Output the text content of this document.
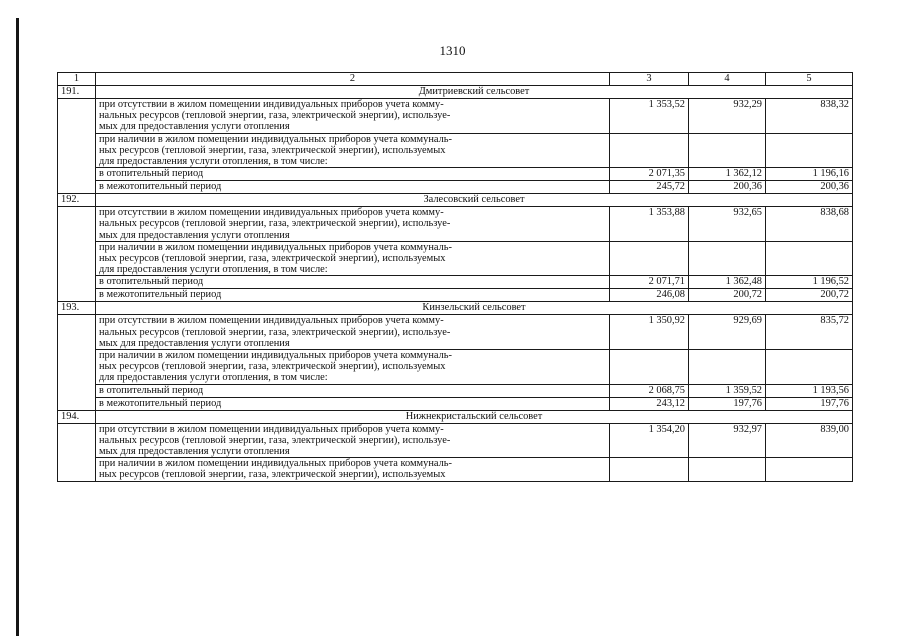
1310
1	2	3	4	5
191.	Дмитриевский сельсовет			

	при отсутствии в жилом помещении индивидуальных приборов учета комму-
нальных ресурсов (тепловой энергии, газа, электрической энергии), используе-
мых для предоставления услуги отопления	1 353,52	932,29	838,32

	при наличии в жилом помещении индивидуальных приборов учета коммуналь-
ных ресурсов (тепловой энергии, газа, электрической энергии), используемых
для предоставления услуги отопления, в том числе:			

	в отопительный период	2 071,35	1 362,12	1 196,16
	в межотопительный период	245,72	200,36	200,36
192.	Залесовский сельсовет			

	при отсутствии в жилом помещении индивидуальных приборов учета комму-
нальных ресурсов (тепловой энергии, газа, электрической энергии), используе-
мых для предоставления услуги отопления	1 353,88	932,65	838,68

	при наличии в жилом помещении индивидуальных приборов учета коммуналь-
ных ресурсов (тепловой энергии, газа, электрической энергии), используемых
для предоставления услуги отопления, в том числе:			

	в отопительный период	2 071,71	1 362,48	1 196,52
	в межотопительный период	246,08	200,72	200,72
193.	Кинзельский сельсовет			

	при отсутствии в жилом помещении индивидуальных приборов учета комму-
нальных ресурсов (тепловой энергии, газа, электрической энергии), используе-
мых для предоставления услуги отопления	1 350,92	929,69	835,72

	при наличии в жилом помещении индивидуальных приборов учета коммуналь-
ных ресурсов (тепловой энергии, газа, электрической энергии), используемых
для предоставления услуги отопления, в том числе:			

	в отопительный период	2 068,75	1 359,52	1 193,56
	в межотопительный период	243,12	197,76	197,76
194.	Нижнекристальский сельсовет			

	при отсутствии в жилом помещении индивидуальных приборов учета комму-
нальных ресурсов (тепловой энергии, газа, электрической энергии), используе-
мых для предоставления услуги отопления	1 354,20	932,97	839,00

	при наличии в жилом помещении индивидуальных приборов учета коммуналь-
ных ресурсов (тепловой энергии, газа, электрической энергии), используемых			
